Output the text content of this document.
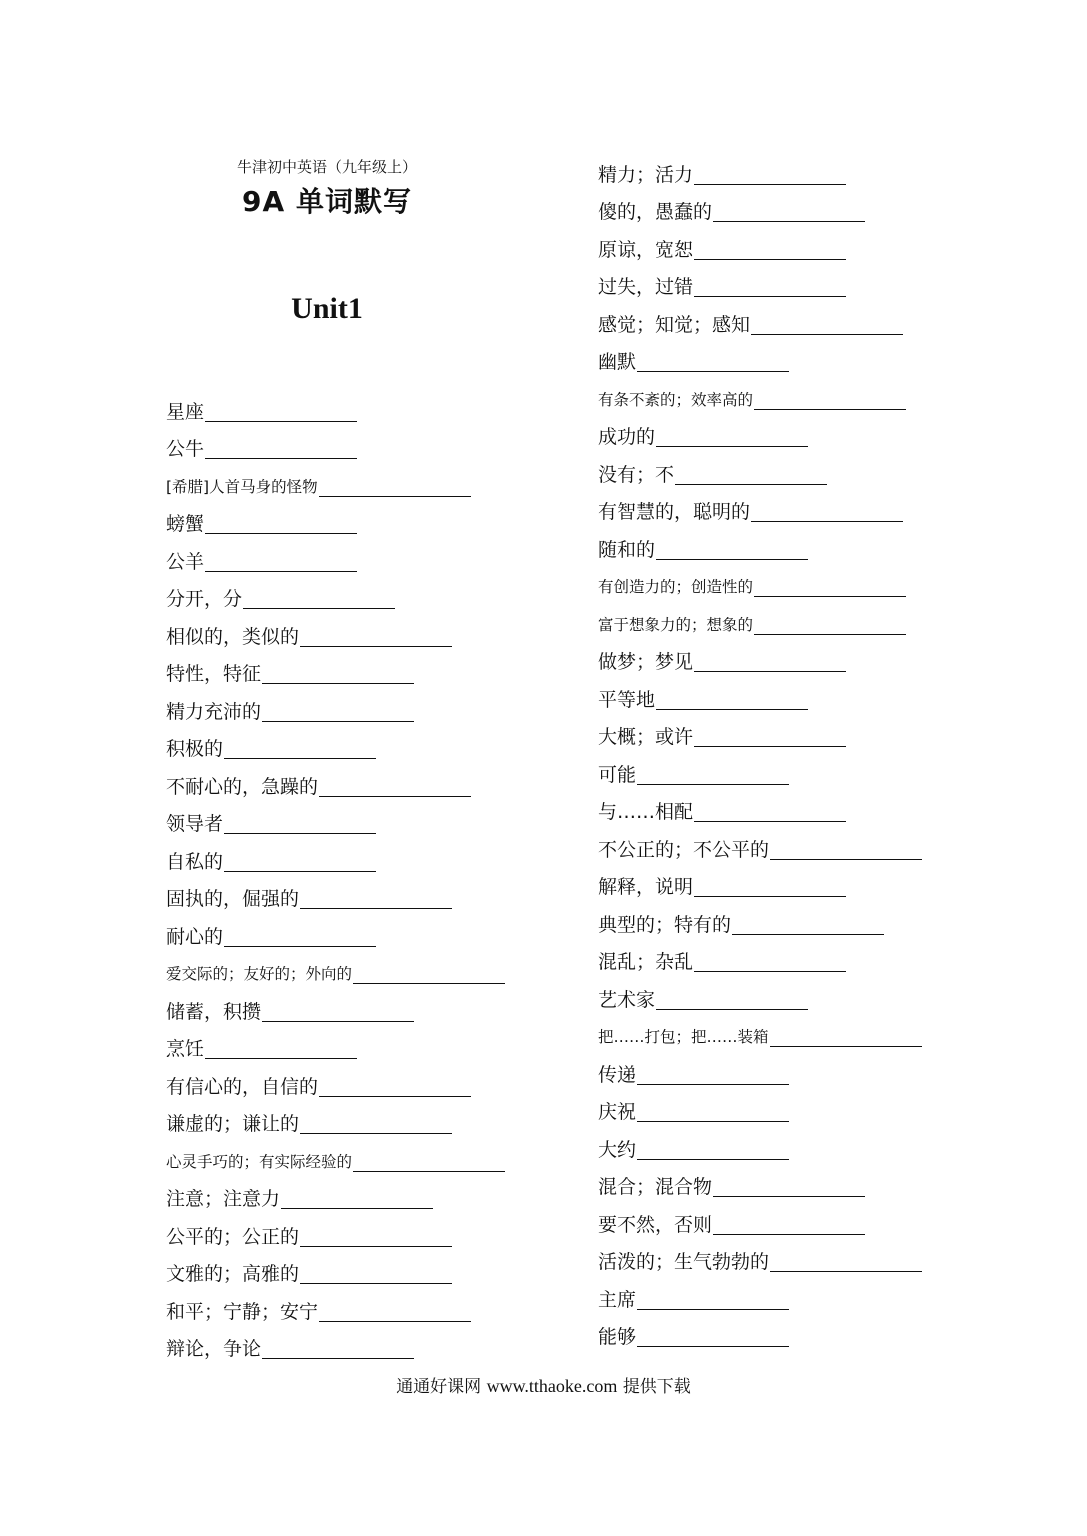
牛津初中英语（九年级上）
9A 单词默写
Unit1
星座
公牛
[希腊]人首马身的怪物
螃蟹
公羊
分开，分
相似的，类似的
特性，特征
精力充沛的
积极的
不耐心的，急躁的
领导者
自私的
固执的，倔强的
耐心的
爱交际的；友好的；外向的
储蓄，积攒
烹饪
有信心的，自信的
谦虚的；谦让的
心灵手巧的；有实际经验的
注意；注意力
公平的；公正的
文雅的；高雅的
和平；宁静；安宁
辩论，争论
精力；活力
傻的，愚蠢的
原谅，宽恕
过失，过错
感觉；知觉；感知
幽默
有条不紊的；效率高的
成功的
没有；不
有智慧的，聪明的
随和的
有创造力的；创造性的
富于想象力的；想象的
做梦；梦见
平等地
大概；或许
可能
与……相配
不公正的；不公平的
解释，说明
典型的；特有的
混乱；杂乱
艺术家
把……打包；把……装箱
传递
庆祝
大约
混合；混合物
要不然，否则
活泼的；生气勃勃的
主席
能够
通通好课网 www.tthaoke.com 提供下载
